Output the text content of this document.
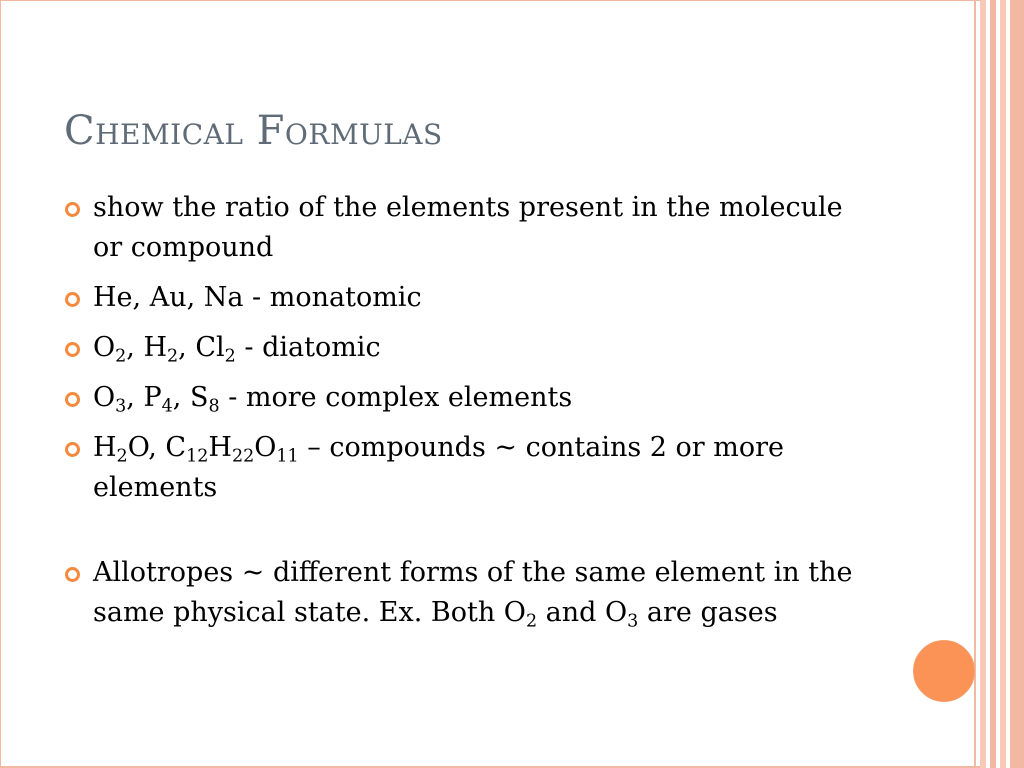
Chemical Formulas
show the ratio of the elements present in the molecule or compound
He, Au, Na - monatomic
$O_2$, $H_2$, $Cl_2$ - diatomic
$O_3$, $P_4$, $S_8$ - more complex elements
$H_2O$, $C_{12}H_{22}O_{11}$ – compounds ~ contains 2 or more elements
Allotropes ~ different forms of the same element in the same physical state. Ex. Both $O_2$ and $O_3$ are gases
